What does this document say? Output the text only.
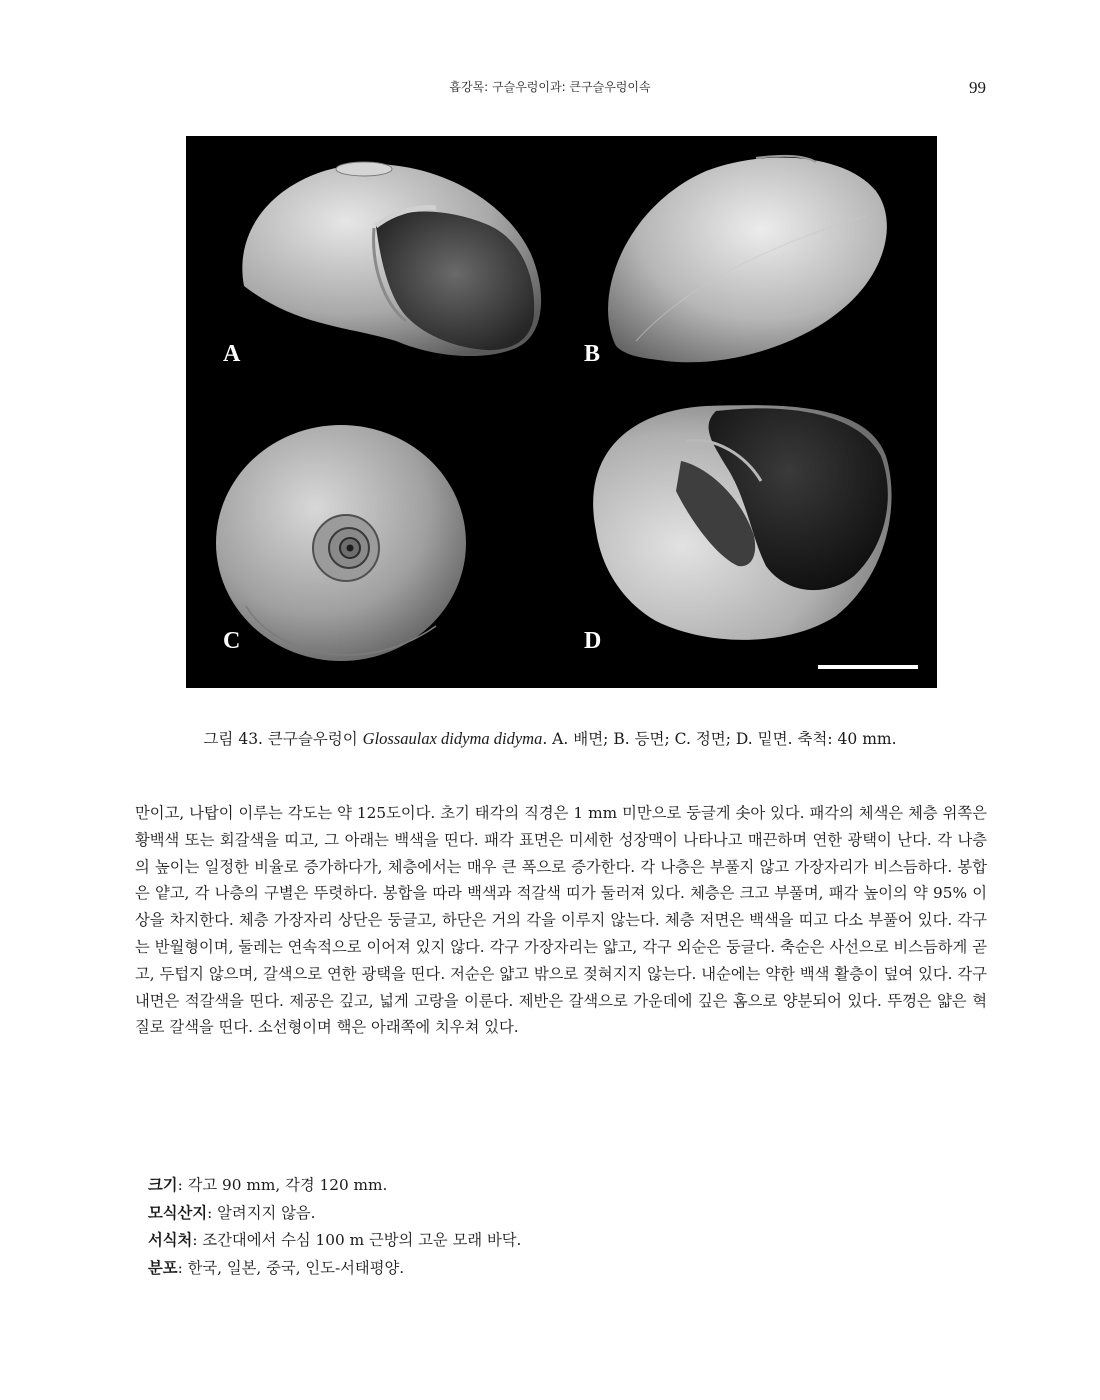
흡강목: 구슬우렁이과: 큰구슬우렁이속	99
A	B
C	D
그림 43. 큰구슬우렁이 Glossaulax didyma didyma. A. 배면; B. 등면; C. 정면; D. 밑면. 축척: 40 mm.

만이고, 나탑이 이루는 각도는 약 125도이다. 초기 태각의 직경은 1 mm 미만으로 둥글게 솟아 있다. 패각의 체색은 체층 위쪽은 황백색 또는 회갈색을 띠고, 그 아래는 백색을 띤다. 패각 표면은 미세한 성장맥이 나타나고 매끈하며 연한 광택이 난다. 각 나층의 높이는 일정한 비율로 증가하다가, 체층에서는 매우 큰 폭으로 증가한다. 각 나층은 부풀지 않고 가장자리가 비스듬하다. 봉합은 얕고, 각 나층의 구별은 뚜렷하다. 봉합을 따라 백색과 적갈색 띠가 둘러져 있다. 체층은 크고 부풀며, 패각 높이의 약 95% 이상을 차지한다. 체층 가장자리 상단은 둥글고, 하단은 거의 각을 이루지 않는다. 체층 저면은 백색을 띠고 다소 부풀어 있다. 각구는 반월형이며, 둘레는 연속적으로 이어져 있지 않다. 각구 가장자리는 얇고, 각구 외순은 둥글다. 축순은 사선으로 비스듬하게 곧고, 두텁지 않으며, 갈색으로 연한 광택을 띤다. 저순은 얇고 밖으로 젖혀지지 않는다. 내순에는 약한 백색 활층이 덮여 있다. 각구 내면은 적갈색을 띤다. 제공은 깊고, 넓게 고랑을 이룬다. 제반은 갈색으로 가운데에 깊은 홈으로 양분되어 있다. 뚜껑은 얇은 혁질로 갈색을 띤다. 소선형이며 핵은 아래쪽에 치우쳐 있다.

크기: 각고 90 mm, 각경 120 mm.
모식산지: 알려지지 않음.
서식처: 조간대에서 수심 100 m 근방의 고운 모래 바닥.
분포: 한국, 일본, 중국, 인도-서태평양.
